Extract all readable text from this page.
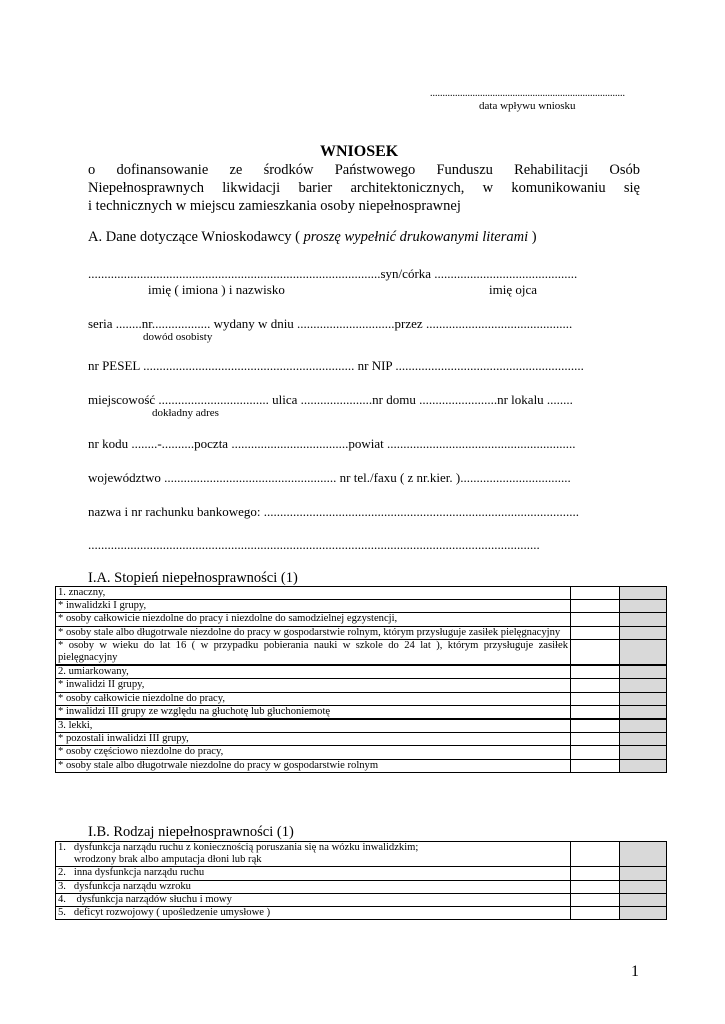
..............................................................................
data wpływu wniosku
WNIOSEK
o dofinansowanie ze środków Państwowego Funduszu Rehabilitacji Osób
Niepełnosprawnych likwidacji barier architektonicznych, w komunikowaniu się
i technicznych w miejscu zamieszkania osoby niepełnosprawnej
A. Dane dotyczące Wnioskodawcy ( proszę wypełnić drukowanymi literami )
..........................................................................................syn/córka ............................................
imię ( imiona ) i nazwisko	imię ojca
seria ........nr.................. wydany w dniu ..............................przez .............................................
dowód osobisty
nr PESEL ................................................................. nr NIP ..........................................................
miejscowość .................................. ulica ......................nr domu ........................nr lokalu ........
dokładny adres
nr kodu ........-..........poczta ....................................powiat ..........................................................
województwo ..................................................... nr tel./faxu ( z nr.kier. )..................................
nazwa i nr rachunku bankowego: .................................................................................................
...........................................................................................................................................
I.A. Stopień niepełnosprawności (1)
1. znaczny,		
* inwalidzki I grupy,		
* osoby całkowicie niezdolne do pracy i niezdolne do samodzielnej egzystencji,		
* osoby stale albo długotrwale niezdolne do pracy w gospodarstwie rolnym, którym przysługuje zasiłek pielęgnacyjny		
* osoby w wieku do lat 16 ( w przypadku pobierania nauki w szkole do 24 lat ), którym przysługuje zasiłek pielęgnacyjny		
2. umiarkowany,		
* inwalidzi II grupy,		
* osoby całkowicie niezdolne do pracy,		
* inwalidzi III grupy ze względu na głuchotę lub głuchoniemotę		
3. lekki,		
* pozostali inwalidzi III grupy,		
* osoby częściowo niezdolne do pracy,		
* osoby stale albo długotrwale niezdolne do pracy w gospodarstwie rolnym		
I.B. Rodzaj niepełnosprawności (1)
1.   dysfunkcja narządu ruchu z koniecznością poruszania się na wózku inwalidzkim;
wrodzony brak albo amputacja dłoni lub rąk		
2.   inna dysfunkcja narządu ruchu		
3.   dysfunkcja narządu wzroku		
4.    dysfunkcja narządów słuchu i mowy		
5.   deficyt rozwojowy ( upośledzenie umysłowe )		
1
